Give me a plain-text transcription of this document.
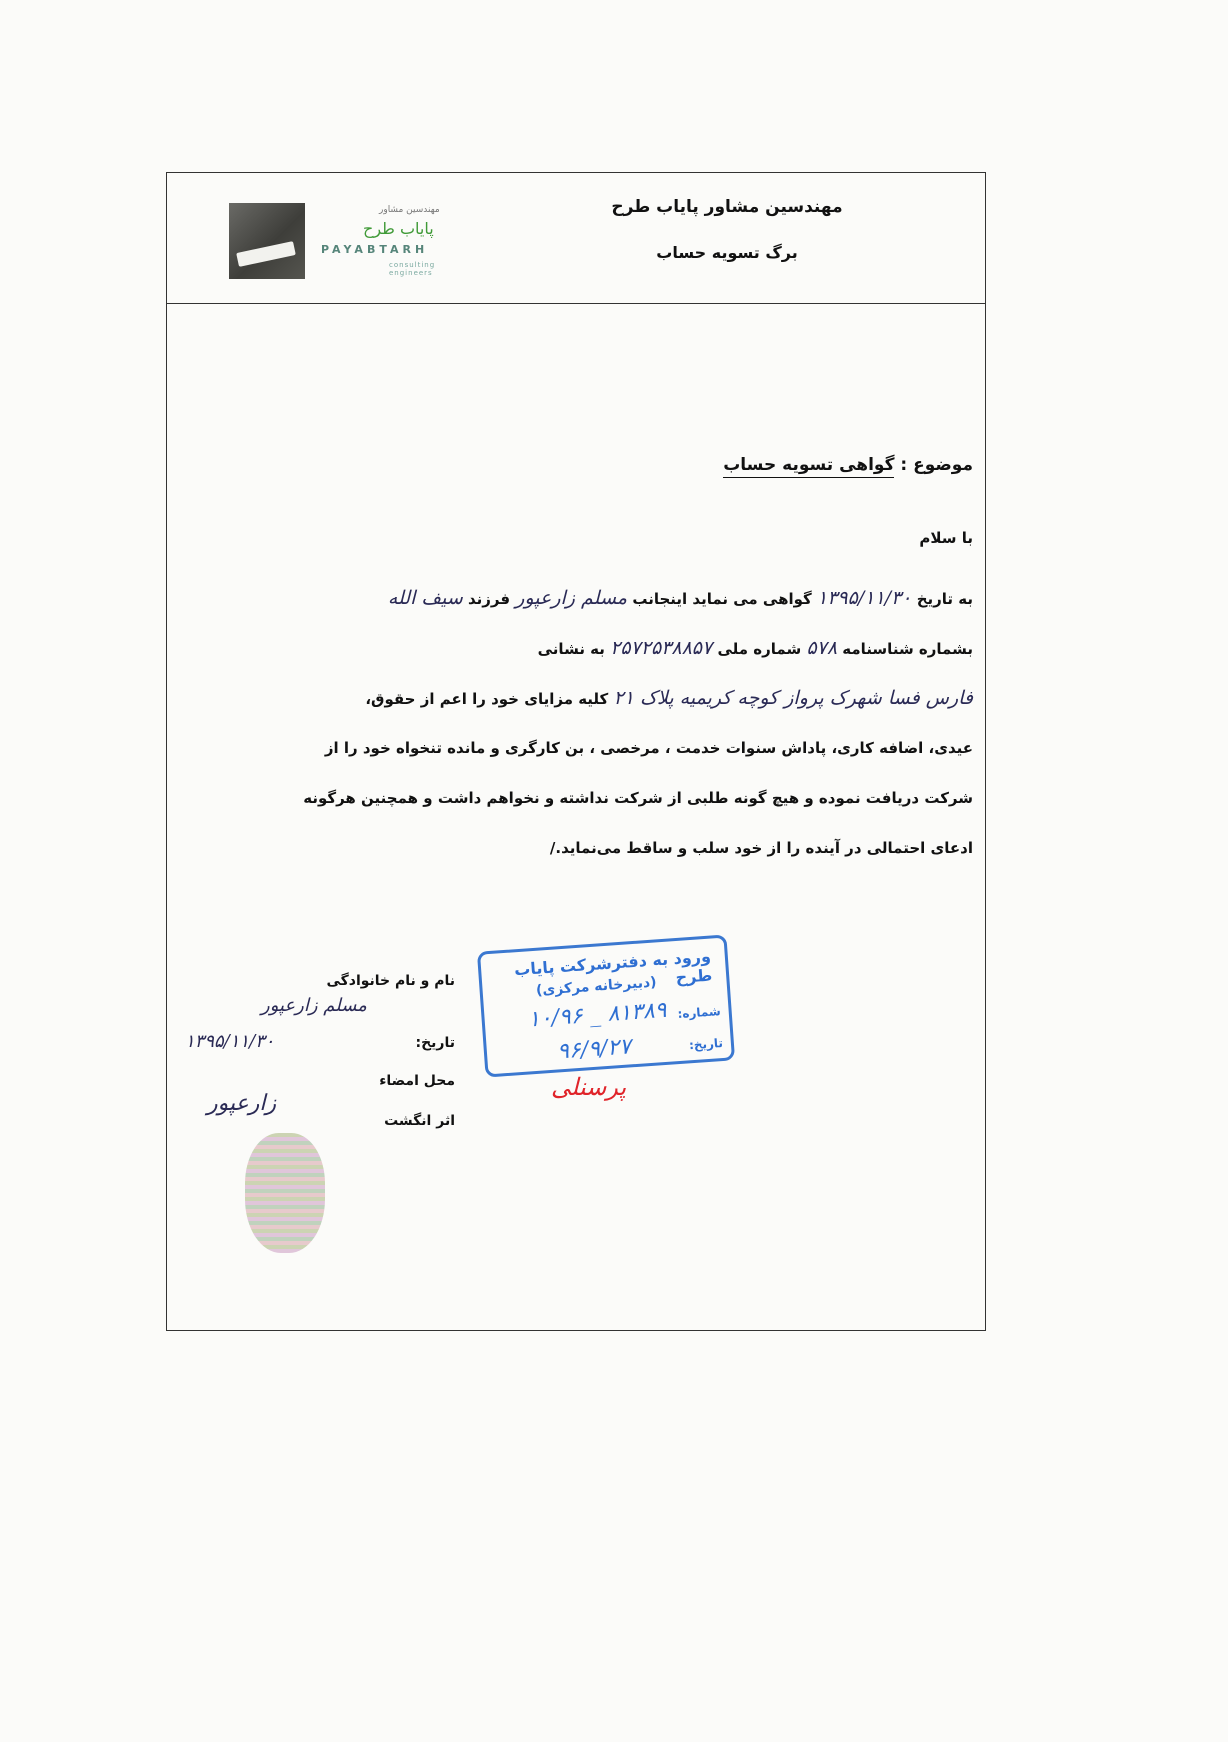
مهندسین مشاور
پایاب طرح
PAYABTARH
consulting engineers
مهندسین مشاور پایاب طرح
برگ تسویه حساب
موضوع : گواهی تسویه حساب
با سلام
به تاریخ ۱۳۹۵/۱۱/۳۰ گواهی می نماید اینجانب مسلم زارعپور فرزند سیف الله
بشماره شناسنامه ۵۷۸ شماره ملی ۲۵۷۲۵۳۸۸۵۷ به نشانی
فارس فسا شهرک پرواز کوچه کریمیه پلاک ۲۱ کلیه مزایای خود را اعم از حقوق،
عیدی، اضافه کاری، پاداش سنوات خدمت ، مرخصی ، بن کارگری و مانده تنخواه خود را از
شرکت دریافت نموده و هیچ گونه طلبی از شرکت نداشته و نخواهم داشت و همچنین هرگونه
ادعای احتمالی در آینده را از خود سلب و ساقط می‌نماید./
نام و نام خانوادگی
مسلم زارعپور
تاریخ:
۱۳۹۵/۱۱/۳۰
محل امضاء
زارعپور
اثر انگشت
ورود به دفترشرکت پایاب طرح
(دبیرخانه مرکزی)
شماره:
۸۱۳۸۹ _ ۱۰/۹۶
تاریخ:
۹۶/۹/۲۷
پرسنلی
